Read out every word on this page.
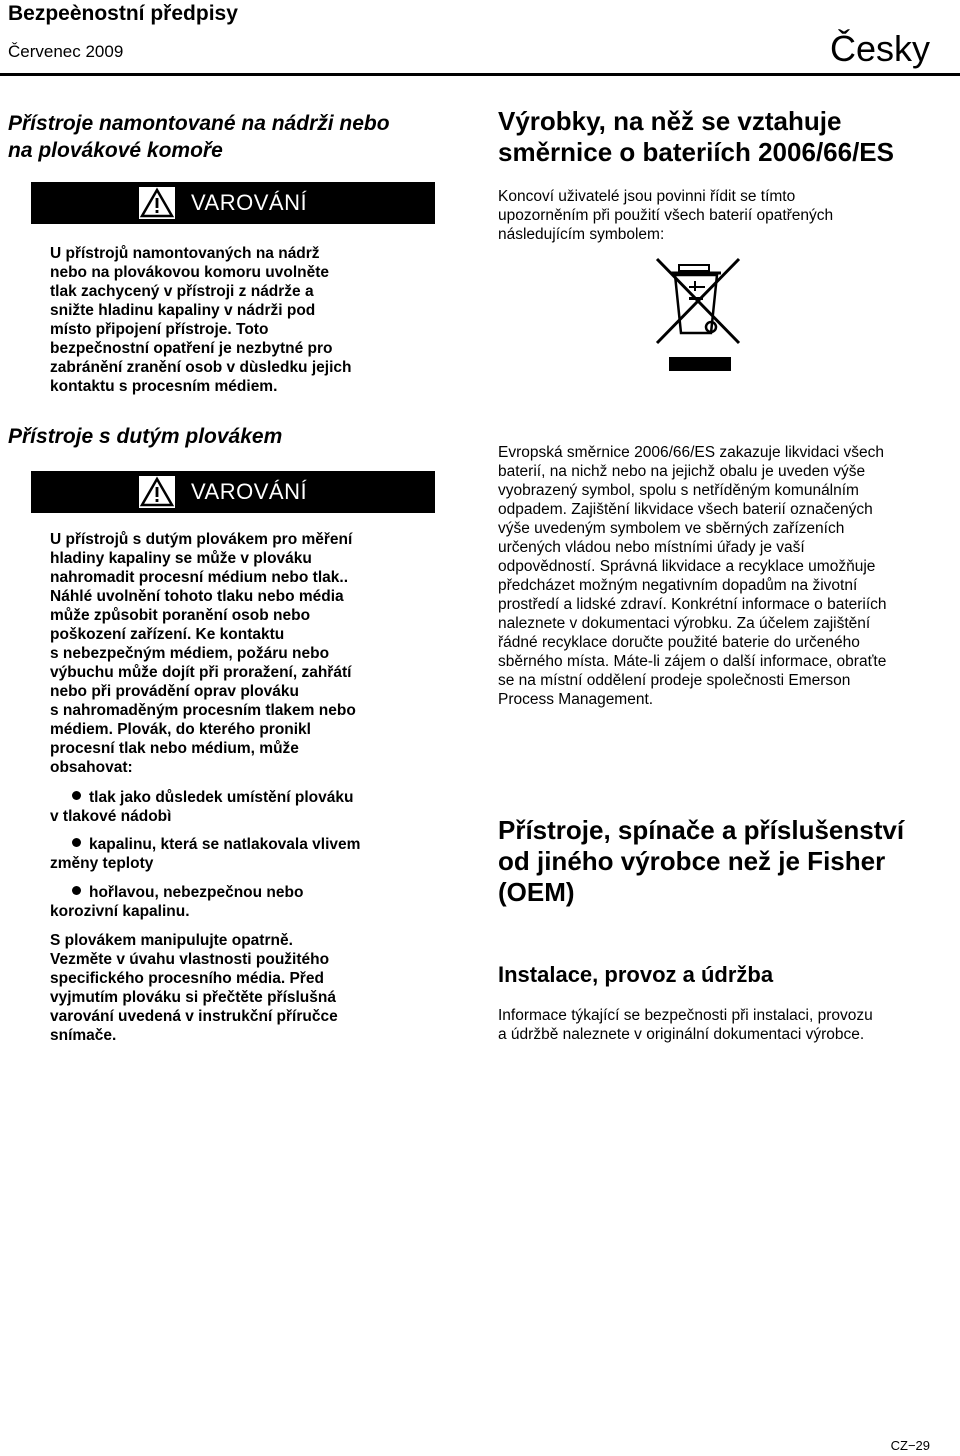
Bezpeènostní předpisy
Červenec 2009	Česky
Přístroje namontované na nádrži nebo
na plovákové komoře
VAROVÁNÍ
U přístrojů namontovaných na nádrž
nebo na plovákovou komoru uvolněte
tlak zachycený v přístroji z nádrže a
snižte hladinu kapaliny v nádrži pod
místo připojení přístroje. Toto
bezpečnostní opatření je nezbytné pro
zabránění zranění osob v dùsledku jejich
kontaktu s procesním médiem.
Přístroje s dutým plovákem
VAROVÁNÍ
U přístrojů s dutým plovákem pro měření
hladiny kapaliny se může v plováku
nahromadit procesní médium nebo tlak..
Náhlé uvolnění tohoto tlaku nebo média
může způsobit poranění osob nebo
poškození zařízení. Ke kontaktu
s nebezpečným médiem, požáru nebo
výbuchu může dojít při proražení, zahřátí
nebo při provádění oprav plováku
s nahromaděným procesním tlakem nebo
médiem. Plovák, do kterého pronikl
procesní tlak nebo médium, může
obsahovat:
tlak jako důsledek umístění plováku
v tlakové nádobì
kapalinu, která se natlakovala vlivem
změny teploty
hořlavou, nebezpečnou nebo
korozivní kapalinu.
S plovákem manipulujte opatrně.
Vezměte v úvahu vlastnosti použitého
specifického procesního média. Před
vyjmutím plováku si přečtěte příslušná
varování uvedená v instrukční příručce
snímače.
Výrobky, na něž se vztahuje
směrnice o bateriích 2006/66/ES
Koncoví uživatelé jsou povinni řídit se tímto
upozorněním při použití všech baterií opatřených
následujícím symbolem:
Evropská směrnice 2006/66/ES zakazuje likvidaci všech
baterií, na nichž nebo na jejichž obalu je uveden výše
vyobrazený symbol, spolu s netříděným komunálním
odpadem. Zajištění likvidace všech baterií označených
výše uvedeným symbolem ve sběrných zařízeních
určených vládou nebo místními úřady je vaší
odpovědností. Správná likvidace a recyklace umožňuje
předcházet možným negativním dopadům na životní
prostředí a lidské zdraví. Konkrétní informace o bateriích
naleznete v dokumentaci výrobku. Za účelem zajištění
řádné recyklace doručte použité baterie do určeného
sběrného místa. Máte-li zájem o další informace, obraťte
se na místní oddělení prodeje společnosti Emerson
Process Management.
Přístroje, spínače a příslušenství
od jiného výrobce než je Fisher
(OEM)
Instalace, provoz a údržba
Informace týkající se bezpečnosti při instalaci, provozu
a údržbě naleznete v originální dokumentaci výrobce.
CZ−29
